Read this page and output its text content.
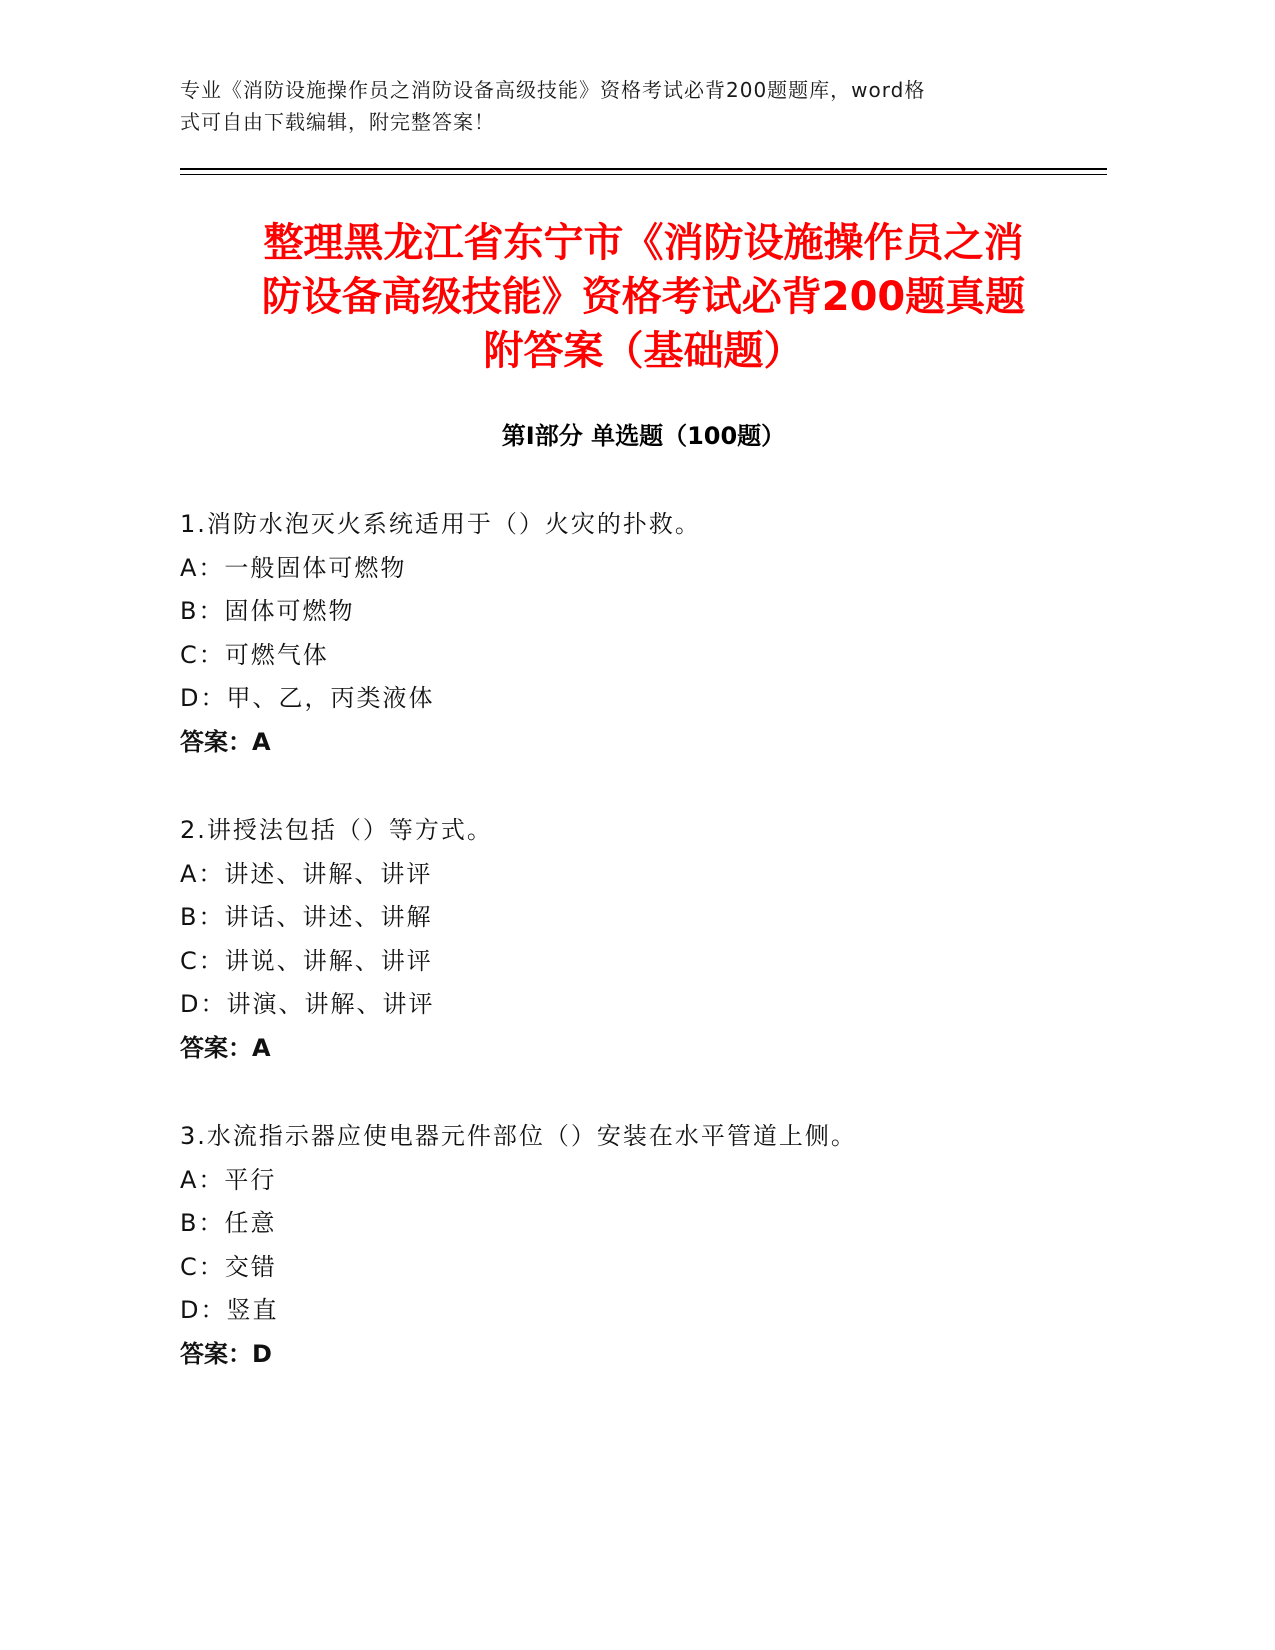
专业《消防设施操作员之消防设备高级技能》资格考试必背200题题库，word格
式可自由下载编辑，附完整答案！
整理黑龙江省东宁市《消防设施操作员之消
防设备高级技能》资格考试必背200题真题
附答案（基础题）
第Ⅰ部分 单选题（100题）
1.消防水泡灭火系统适用于（）火灾的扑救。
A：一般固体可燃物
B：固体可燃物
C：可燃气体
D：甲、乙，丙类液体
答案：A
2.讲授法包括（）等方式。
A：讲述、讲解、讲评
B：讲话、讲述、讲解
C：讲说、讲解、讲评
D：讲演、讲解、讲评
答案：A
3.水流指示器应使电器元件部位（）安装在水平管道上侧。
A：平行
B：任意
C：交错
D：竖直
答案：D
